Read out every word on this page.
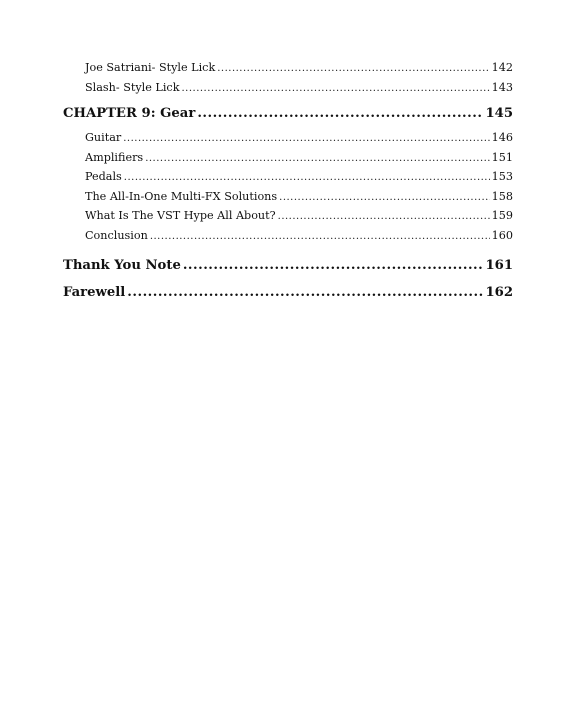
Joe Satriani- Style Lick .....	142
Slash- Style Lick .....	143
CHAPTER 9: Gear .....	145
Guitar .....	146
Amplifiers .....	151
Pedals .....	153
The All-In-One Multi-FX Solutions .....	158
What Is The VST Hype All About? .....	159
Conclusion .....	160
Thank You Note .....	161
Farewell .....	162
